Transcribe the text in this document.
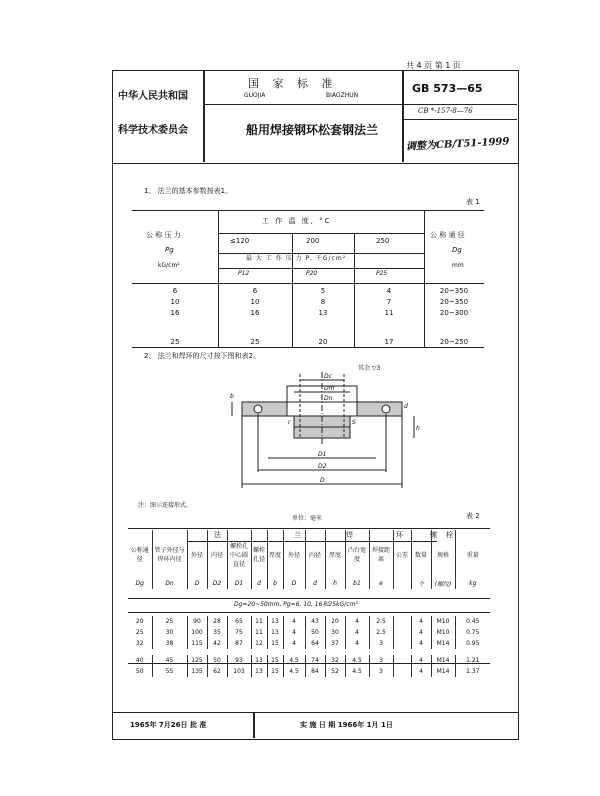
共 4 页 第 1 页
中华人民共和国
科学技术委员会
国 家 标 准
GUOJIA	BIAOZHUN
船用焊接钢环松套钢法兰
GB 573—65
CB *-157-8—76
调整为CB/T51-1999
1、 法兰的基本参数按表1。
表 1
公 称 压 力
Pg
kG/cm²
工 作 温 度, °C
≤120	200	250
最 大 工 作 压 力 P, 千G/cm²
P12	P20	P25
公 称 通 径
Dg
mm
6	6	5	4	20~350
10	10	8	7	20~350
16	16	13	11	20~300

25	25	20	17	20~250
2、 法兰和焊环的尺寸按下图和表2。
其余 ▽3
b
h
Dc
Dm
Dn
d
D1
D2
D
S
r
注：图示连接形式。
单位：毫米	表 2
法	兰	焊	环	螺 栓
公称通径	管子外径与焊环内径	外径	内径	螺栓孔中心圆直径	螺栓孔径	厚度	外径	内径	厚度	凸台宽度	焊接距离	公差	数量	规格	重量
Dg	Dn	D	D2	D1	d	b	D	d	h	b1	e		个	(螺纹)	kg
Dg=20~50mm, Pg=6, 10, 16和25kG/cm²
20	25	90	28	65	11	13	4	43	20	4	2.5		4	M10	0.45
25	30	100	35	75	11	13	4	50	30	4	2.5		4	M10	0.75
32	38	115	42	87	12	15	4	64	37	4	3		4	M14	0.95

40	45	125	50	93	13	15	4.5	74	32	4.5	3		4	M14	1.21
50	55	135	62	103	13	15	4.5	84	52	4.5	3		4	M14	1.37
1965年 7月26日 批 准	实 施 日 期 1966年 1月 1日
